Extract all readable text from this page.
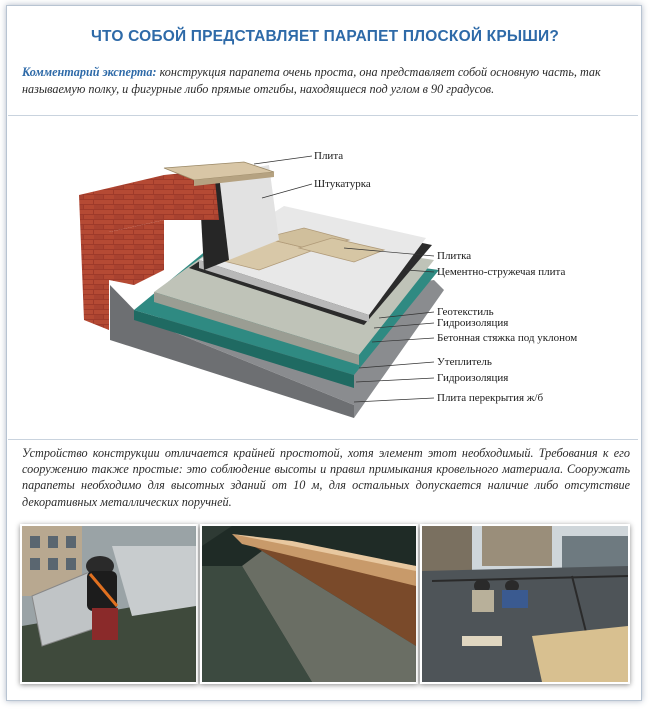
ЧТО СОБОЙ ПРЕДСТАВЛЯЕТ ПАРАПЕТ ПЛОСКОЙ КРЫШИ?
Комментарий эксперта: конструкция парапета очень проста, она представляет собой основную часть, так называемую полку, и фигурные либо прямые отгибы, находящиеся под углом в 90 градусов.
Плита
Штукатурка
Плитка
Цементно-стружечая плита
Геотекстиль
Гидроизоляция
Бетонная стяжка под уклоном
Утеплитель
Гидроизоляция
Плита перекрытия ж/б
Устройство конструкции отличается крайней простотой, хотя элемент этот необходимый. Требования к его сооружению также простые: это соблюдение высоты и правил примыкания кровельного материала. Сооружать парапеты необходимо для высотных зданий от 10 м, для остальных допускается наличие либо отсутствие декоративных металлических поручней.
